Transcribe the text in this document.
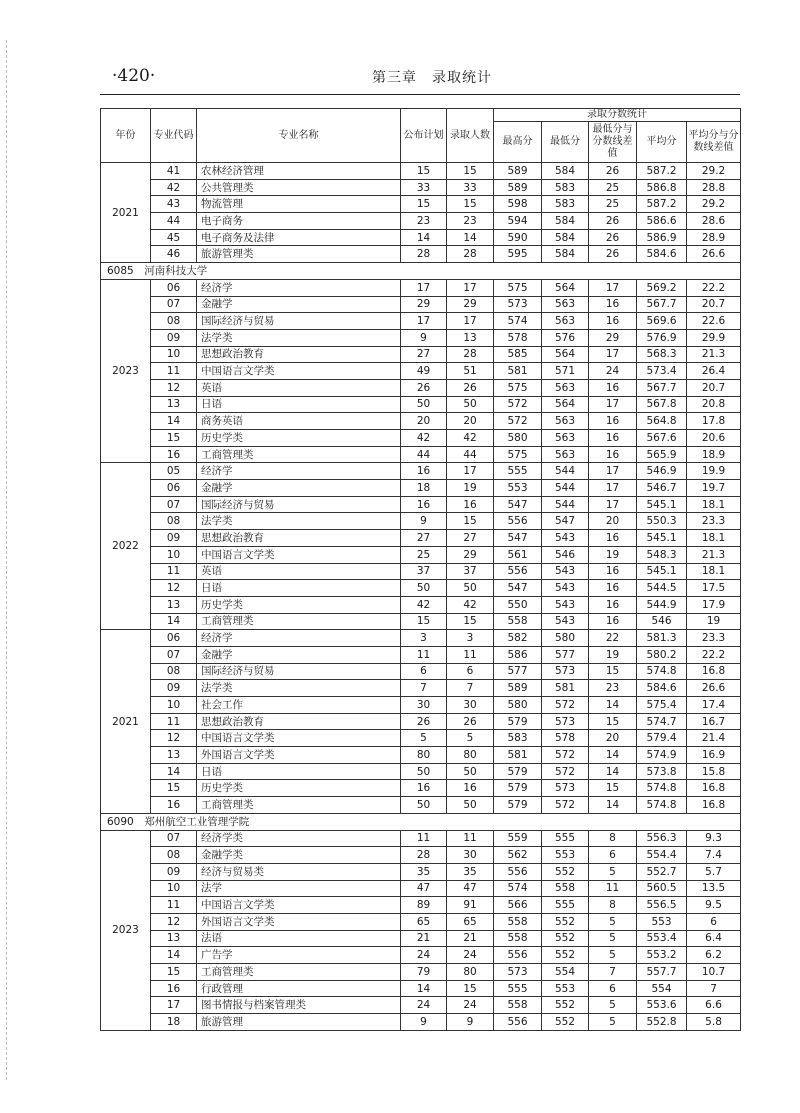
·420·	第三章　录取统计
年份	专业代码	专业名称	公布计划	录取人数	录取分数统计				
					最高分	最低分	最低分与分数线差值	平均分	平均分与分数线差值
2021	41	农林经济管理	15	15	589	584	26	587.2	29.2
	42	公共管理类	33	33	589	583	25	586.8	28.8
	43	物流管理	15	15	598	583	25	587.2	29.2
	44	电子商务	23	23	594	584	26	586.6	28.6
	45	电子商务及法律	14	14	590	584	26	586.9	28.9
	46	旅游管理类	28	28	595	584	26	584.6	26.6
6085　河南科技大学									
2023	06	经济学	17	17	575	564	17	569.2	22.2
	07	金融学	29	29	573	563	16	567.7	20.7
	08	国际经济与贸易	17	17	574	563	16	569.6	22.6
	09	法学类	9	13	578	576	29	576.9	29.9
	10	思想政治教育	27	28	585	564	17	568.3	21.3
	11	中国语言文学类	49	51	581	571	24	573.4	26.4
	12	英语	26	26	575	563	16	567.7	20.7
	13	日语	50	50	572	564	17	567.8	20.8
	14	商务英语	20	20	572	563	16	564.8	17.8
	15	历史学类	42	42	580	563	16	567.6	20.6
	16	工商管理类	44	44	575	563	16	565.9	18.9
2022	05	经济学	16	17	555	544	17	546.9	19.9
	06	金融学	18	19	553	544	17	546.7	19.7
	07	国际经济与贸易	16	16	547	544	17	545.1	18.1
	08	法学类	9	15	556	547	20	550.3	23.3
	09	思想政治教育	27	27	547	543	16	545.1	18.1
	10	中国语言文学类	25	29	561	546	19	548.3	21.3
	11	英语	37	37	556	543	16	545.1	18.1
	12	日语	50	50	547	543	16	544.5	17.5
	13	历史学类	42	42	550	543	16	544.9	17.9
	14	工商管理类	15	15	558	543	16	546	19
2021	06	经济学	3	3	582	580	22	581.3	23.3
	07	金融学	11	11	586	577	19	580.2	22.2
	08	国际经济与贸易	6	6	577	573	15	574.8	16.8
	09	法学类	7	7	589	581	23	584.6	26.6
	10	社会工作	30	30	580	572	14	575.4	17.4
	11	思想政治教育	26	26	579	573	15	574.7	16.7
	12	中国语言文学类	5	5	583	578	20	579.4	21.4
	13	外国语言文学类	80	80	581	572	14	574.9	16.9
	14	日语	50	50	579	572	14	573.8	15.8
	15	历史学类	16	16	579	573	15	574.8	16.8
	16	工商管理类	50	50	579	572	14	574.8	16.8
6090　郑州航空工业管理学院									
2023	07	经济学类	11	11	559	555	8	556.3	9.3
	08	金融学类	28	30	562	553	6	554.4	7.4
	09	经济与贸易类	35	35	556	552	5	552.7	5.7
	10	法学	47	47	574	558	11	560.5	13.5
	11	中国语言文学类	89	91	566	555	8	556.5	9.5
	12	外国语言文学类	65	65	558	552	5	553	6
	13	法语	21	21	558	552	5	553.4	6.4
	14	广告学	24	24	556	552	5	553.2	6.2
	15	工商管理类	79	80	573	554	7	557.7	10.7
	16	行政管理	14	15	555	553	6	554	7
	17	图书情报与档案管理类	24	24	558	552	5	553.6	6.6
	18	旅游管理	9	9	556	552	5	552.8	5.8
